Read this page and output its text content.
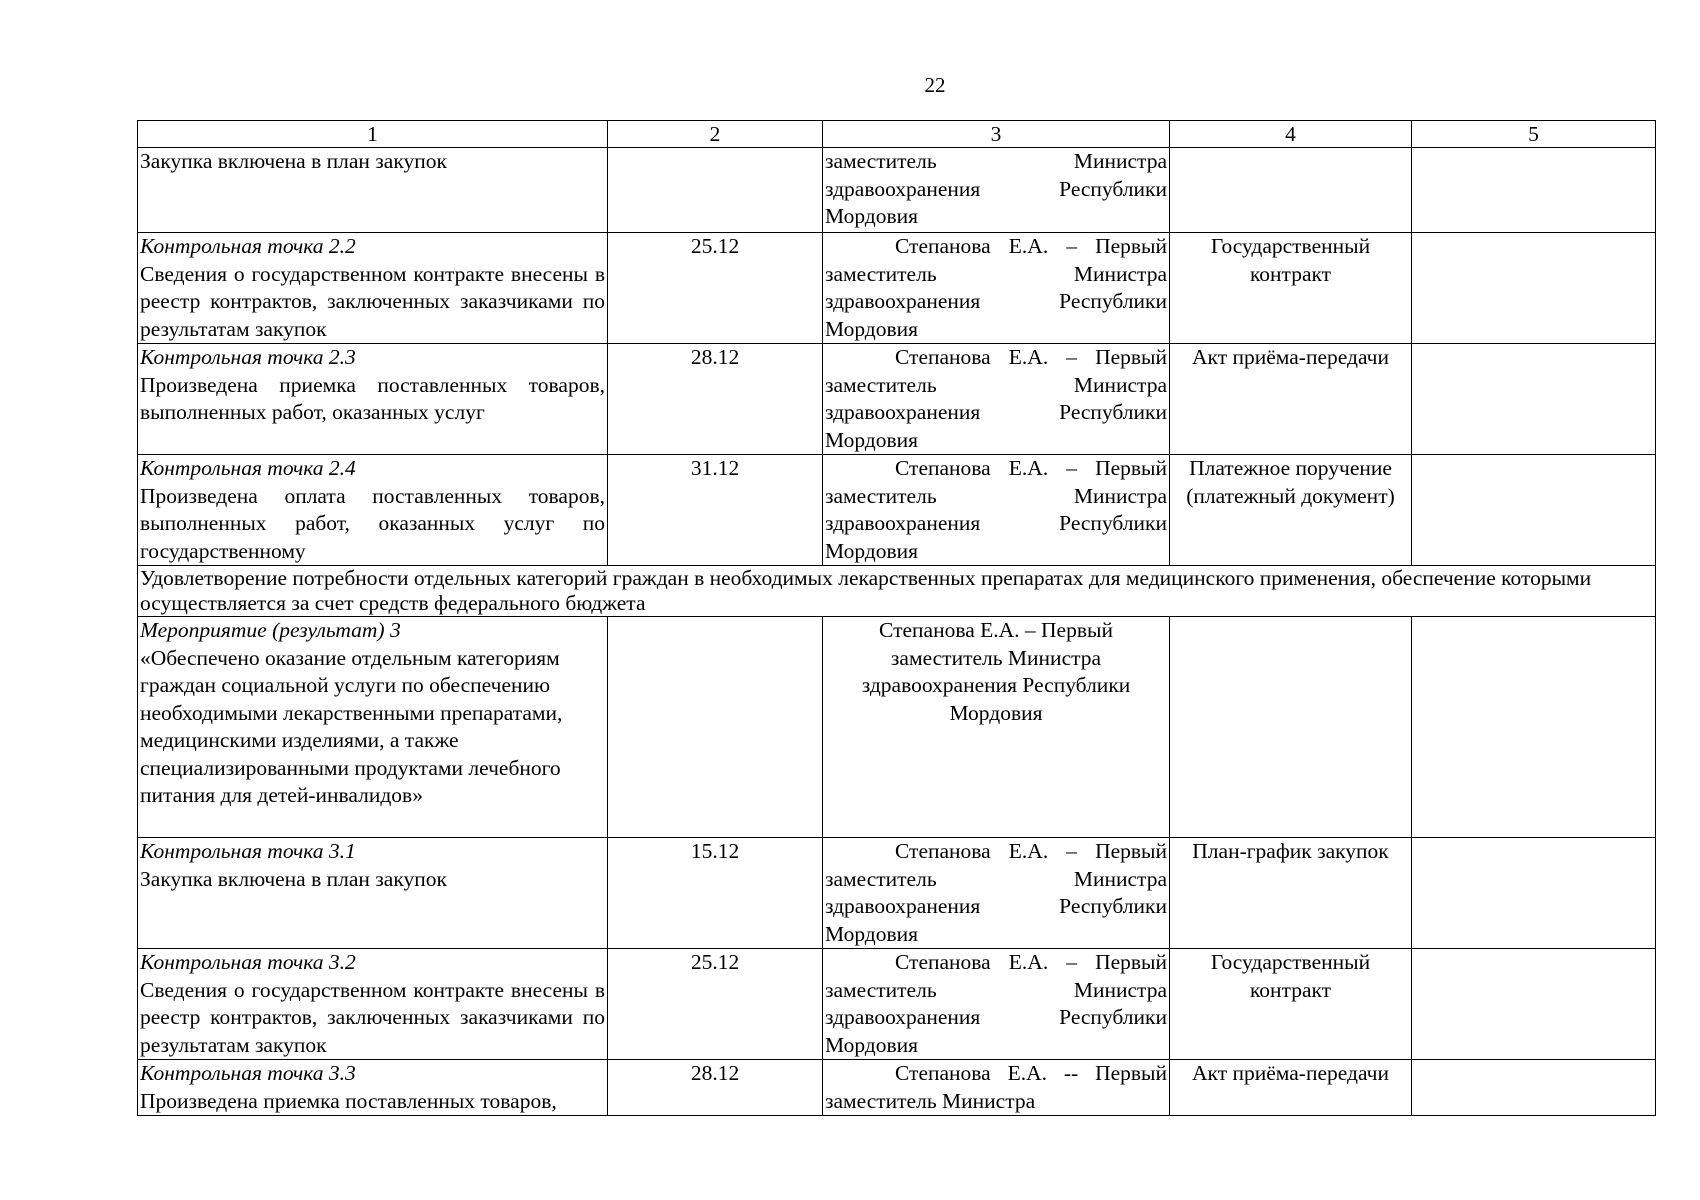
22
1	2	3	4	5

Закупка включена в план закупок		заместитель Министра здравоохранения Республики Мордовия		

Контрольная точка 2.2
Сведения о государственном контракте внесены в реестр контрактов, заключенных заказчиками по результатам закупок	25.12	Степанова Е.А. – Первый заместитель Министра здравоохранения Республики Мордовия	Государственный контракт	

Контрольная точка 2.3
Произведена приемка поставленных товаров, выполненных работ, оказанных услуг	28.12	Степанова Е.А. – Первый заместитель Министра здравоохранения Республики Мордовия	Акт приёма-передачи	

Контрольная точка 2.4
Произведена оплата поставленных товаров, выполненных работ, оказанных услуг по государственному	31.12	Степанова Е.А. – Первый заместитель Министра здравоохранения Республики Мордовия	Платежное поручение (платежный документ)	
Удовлетворение потребности отдельных категорий граждан в необходимых лекарственных препаратах для медицинского применения, обеспечение которыми осуществляется за счет средств федерального бюджета				

Мероприятие (результат) 3
«Обеспечено оказание отдельным категориям граждан социальной услуги по обеспечению необходимыми лекарственными препаратами, медицинскими изделиями, а также специализированными продуктами лечебного питания для детей-инвалидов»		Степанова Е.А. – Первый заместитель Министра здравоохранения Республики Мордовия		

Контрольная точка 3.1
Закупка включена в план закупок	15.12	Степанова Е.А. – Первый заместитель Министра здравоохранения Республики Мордовия	План-график закупок	

Контрольная точка 3.2
Сведения о государственном контракте внесены в реестр контрактов, заключенных заказчиками по результатам закупок	25.12	Степанова Е.А. – Первый заместитель Министра здравоохранения Республики Мордовия	Государственный контракт	

Контрольная точка 3.3
Произведена приемка поставленных товаров,	28.12	Степанова Е.А. -- Первый заместитель Министра	Акт приёма-передачи	
